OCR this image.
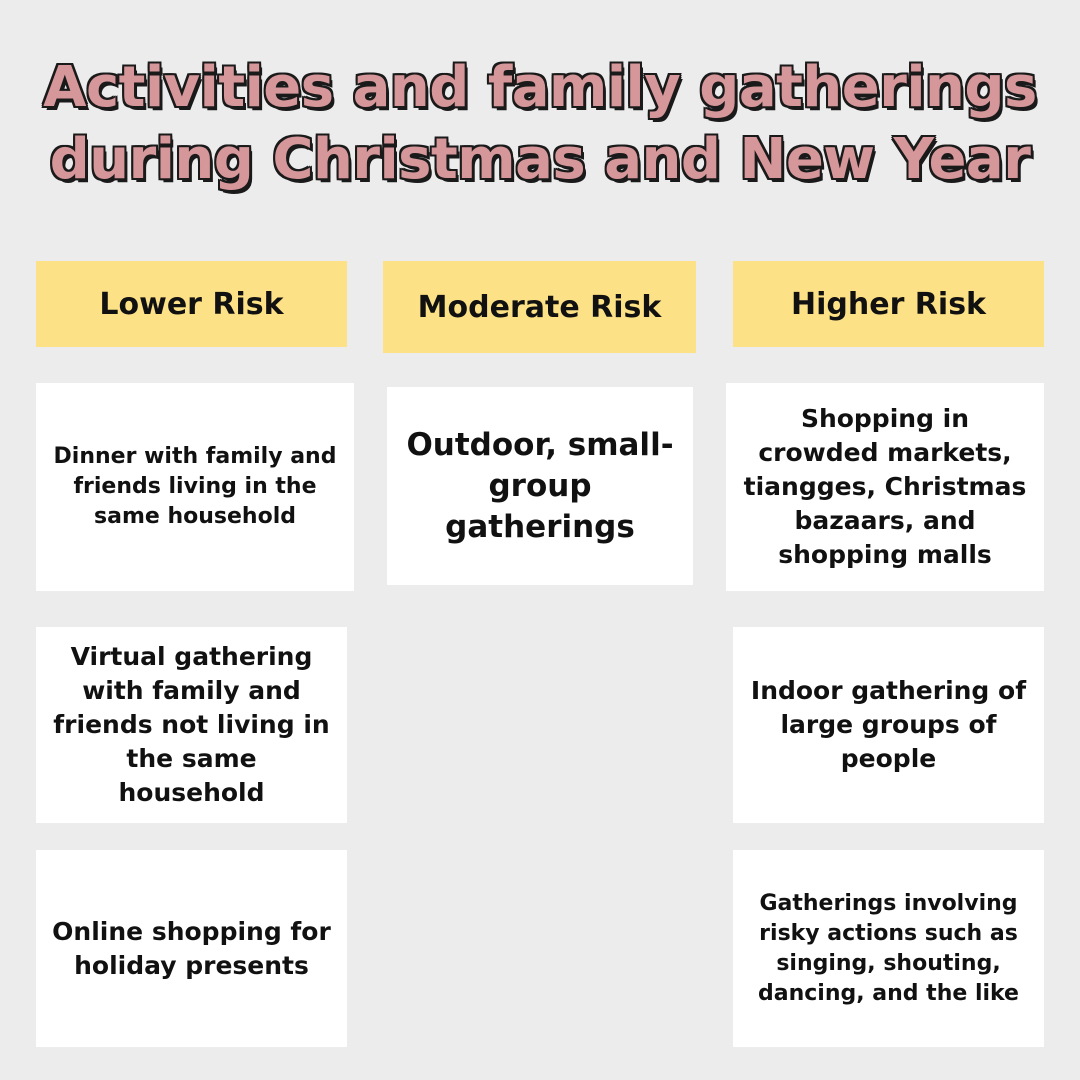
Activities and family gatherings
during Christmas and New Year
Lower Risk	Moderate Risk	Higher Risk
Dinner with family and friends living in the same household
Virtual gathering with family and friends not living in the same household
Online shopping for holiday presents
Outdoor, small-group gatherings
Shopping in crowded markets, tiangges, Christmas bazaars, and shopping malls
Indoor gathering of large groups of people
Gatherings involving risky actions such as singing, shouting, dancing, and the like
